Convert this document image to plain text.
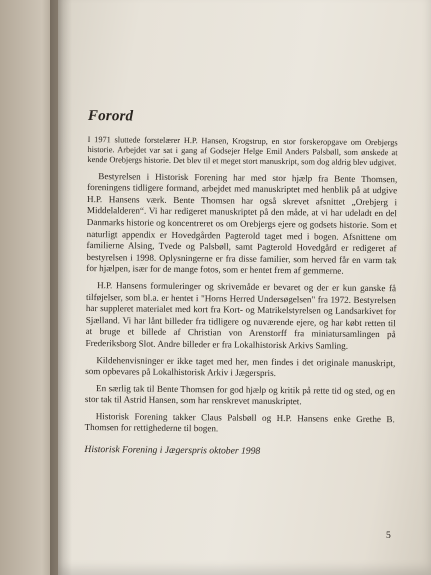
Forord

I 1971 sluttede forstelærer H.P. Hansen, Krogstrup, en stor forskeropgave om Orebjergs historie. Arbejdet var sat i gang af Godsejer Helge Emil Anders Palsbøll, som ønskede at kende Orebjergs historie. Det blev til et meget stort manuskript, som dog aldrig blev udgivet.

Bestyrelsen i Historisk Forening har med stor hjælp fra Bente Thomsen, foreningens tidligere formand, arbejdet med manuskriptet med henblik på at udgive H.P. Hansens værk. Bente Thomsen har også skrevet afsnittet „Orebjerg i Middelalderen“. Vi har redigeret manuskriptet på den måde, at vi har udeladt en del Danmarks historie og koncentreret os om Orebjergs ejere og godsets historie. Som et naturligt appendix er Hovedgården Pagterold taget med i bogen. Afsnittene om familierne Alsing, Tvede og Palsbøll, samt Pagterold Hovedgård er redigeret af bestyrelsen i 1998. Oplysningerne er fra disse familier, som herved får en varm tak for hjælpen, især for de mange fotos, som er hentet frem af gemmerne.

H.P. Hansens formuleringer og skrivemåde er bevaret og der er kun ganske få tilføjelser, som bl.a. er hentet i "Horns Herred Undersøgelsen" fra 1972. Bestyrelsen har suppleret materialet med kort fra Kort- og Matrikelstyrelsen og Landsarkivet for Sjælland. Vi har lånt billeder fra tidligere og nuværende ejere, og har købt retten til at bruge et billede af Christian von Arenstorff fra miniatursamlingen på Frederiksborg Slot. Andre billeder er fra Lokalhistorisk Arkivs Samling.

Kildehenvisninger er ikke taget med her, men findes i det originale manuskript, som opbevares på Lokalhistorisk Arkiv i Jægerspris.

En særlig tak til Bente Thomsen for god hjælp og kritik på rette tid og sted, og en stor tak til Astrid Hansen, som har renskrevet manuskriptet.

Historisk Forening takker Claus Palsbøll og H.P. Hansens enke Grethe B. Thomsen for rettighederne til bogen.

Historisk Forening i Jægerspris oktober 1998

5
